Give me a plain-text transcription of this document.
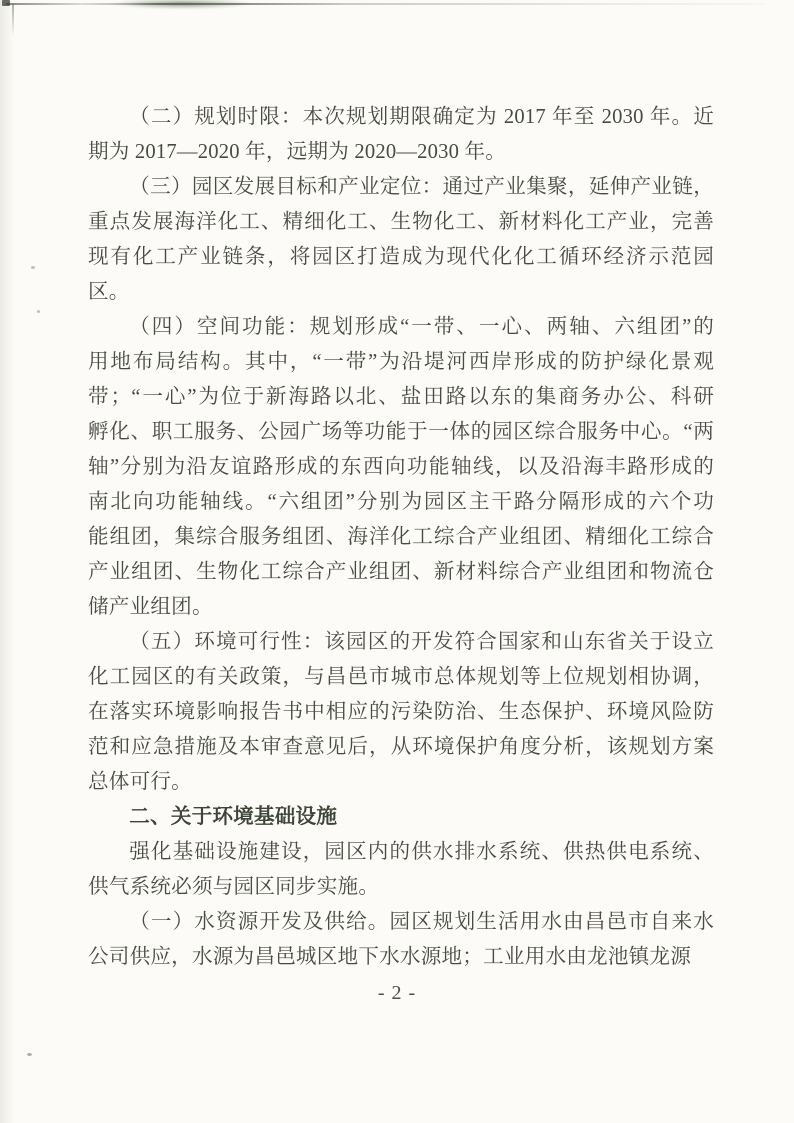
（二）规划时限：本次规划期限确定为 2017 年至 2030 年。近
期为 2017—2020 年，远期为 2020—2030 年。

（三）园区发展目标和产业定位：通过产业集聚，延伸产业链，
重点发展海洋化工、精细化工、生物化工、新材料化工产业，完善
现有化工产业链条，将园区打造成为现代化化工循环经济示范园
区。

（四）空间功能：规划形成“一带、一心、两轴、六组团”的
用地布局结构。其中，“一带”为沿堤河西岸形成的防护绿化景观
带；“一心”为位于新海路以北、盐田路以东的集商务办公、科研
孵化、职工服务、公园广场等功能于一体的园区综合服务中心。“两
轴”分别为沿友谊路形成的东西向功能轴线，以及沿海丰路形成的
南北向功能轴线。“六组团”分别为园区主干路分隔形成的六个功
能组团，集综合服务组团、海洋化工综合产业组团、精细化工综合
产业组团、生物化工综合产业组团、新材料综合产业组团和物流仓
储产业组团。

（五）环境可行性：该园区的开发符合国家和山东省关于设立
化工园区的有关政策，与昌邑市城市总体规划等上位规划相协调，
在落实环境影响报告书中相应的污染防治、生态保护、环境风险防
范和应急措施及本审查意见后，从环境保护角度分析，该规划方案
总体可行。

二、关于环境基础设施

强化基础设施建设，园区内的供水排水系统、供热供电系统、
供气系统必须与园区同步实施。

（一）水资源开发及供给。园区规划生活用水由昌邑市自来水
公司供应，水源为昌邑城区地下水水源地；工业用水由龙池镇龙源

- 2 -
